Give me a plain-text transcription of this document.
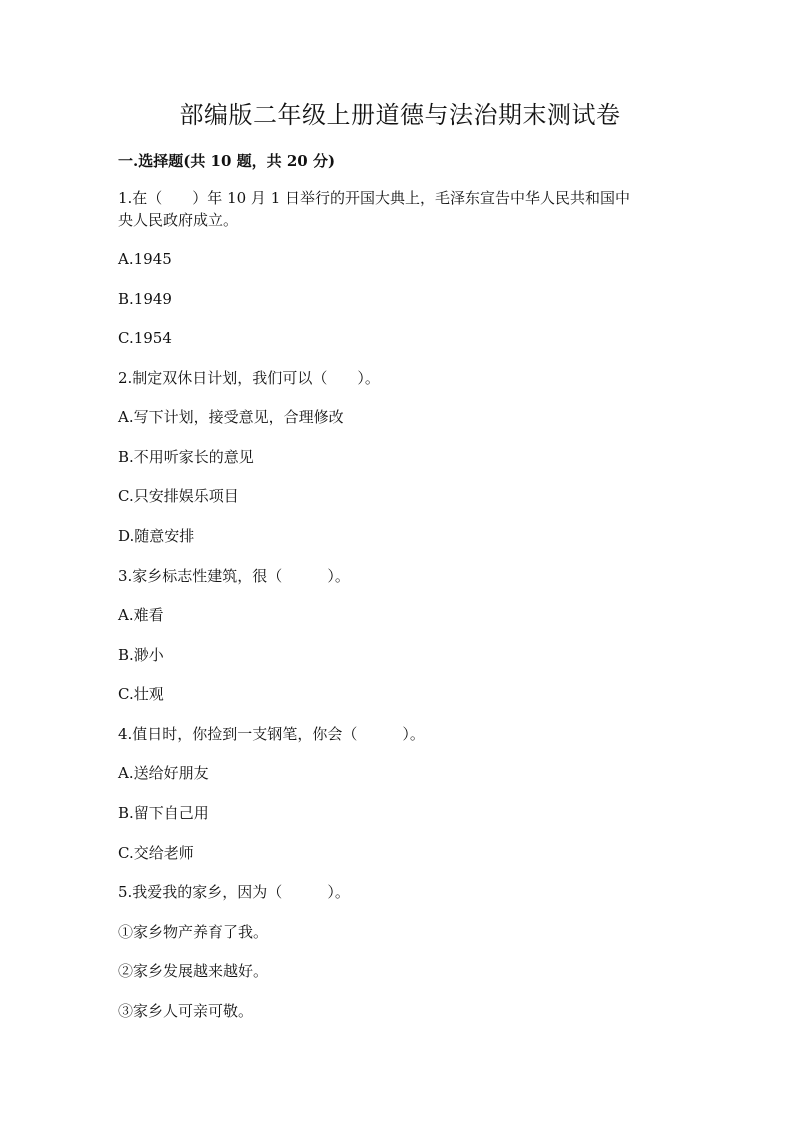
部编版二年级上册道德与法治期末测试卷
一.选择题(共 10 题，共 20 分)
1.在（　　）年 10 月 1 日举行的开国大典上，毛泽东宣告中华人民共和国中
央人民政府成立。
A.1945
B.1949
C.1954
2.制定双休日计划，我们可以（　　）。
A.写下计划，接受意见，合理修改
B.不用听家长的意见
C.只安排娱乐项目
D.随意安排
3.家乡标志性建筑，很（　　　）。
A.难看
B.渺小
C.壮观
4.值日时，你捡到一支钢笔，你会（　　　）。
A.送给好朋友
B.留下自己用
C.交给老师
5.我爱我的家乡，因为（　　　）。
①家乡物产养育了我。
②家乡发展越来越好。
③家乡人可亲可敬。
